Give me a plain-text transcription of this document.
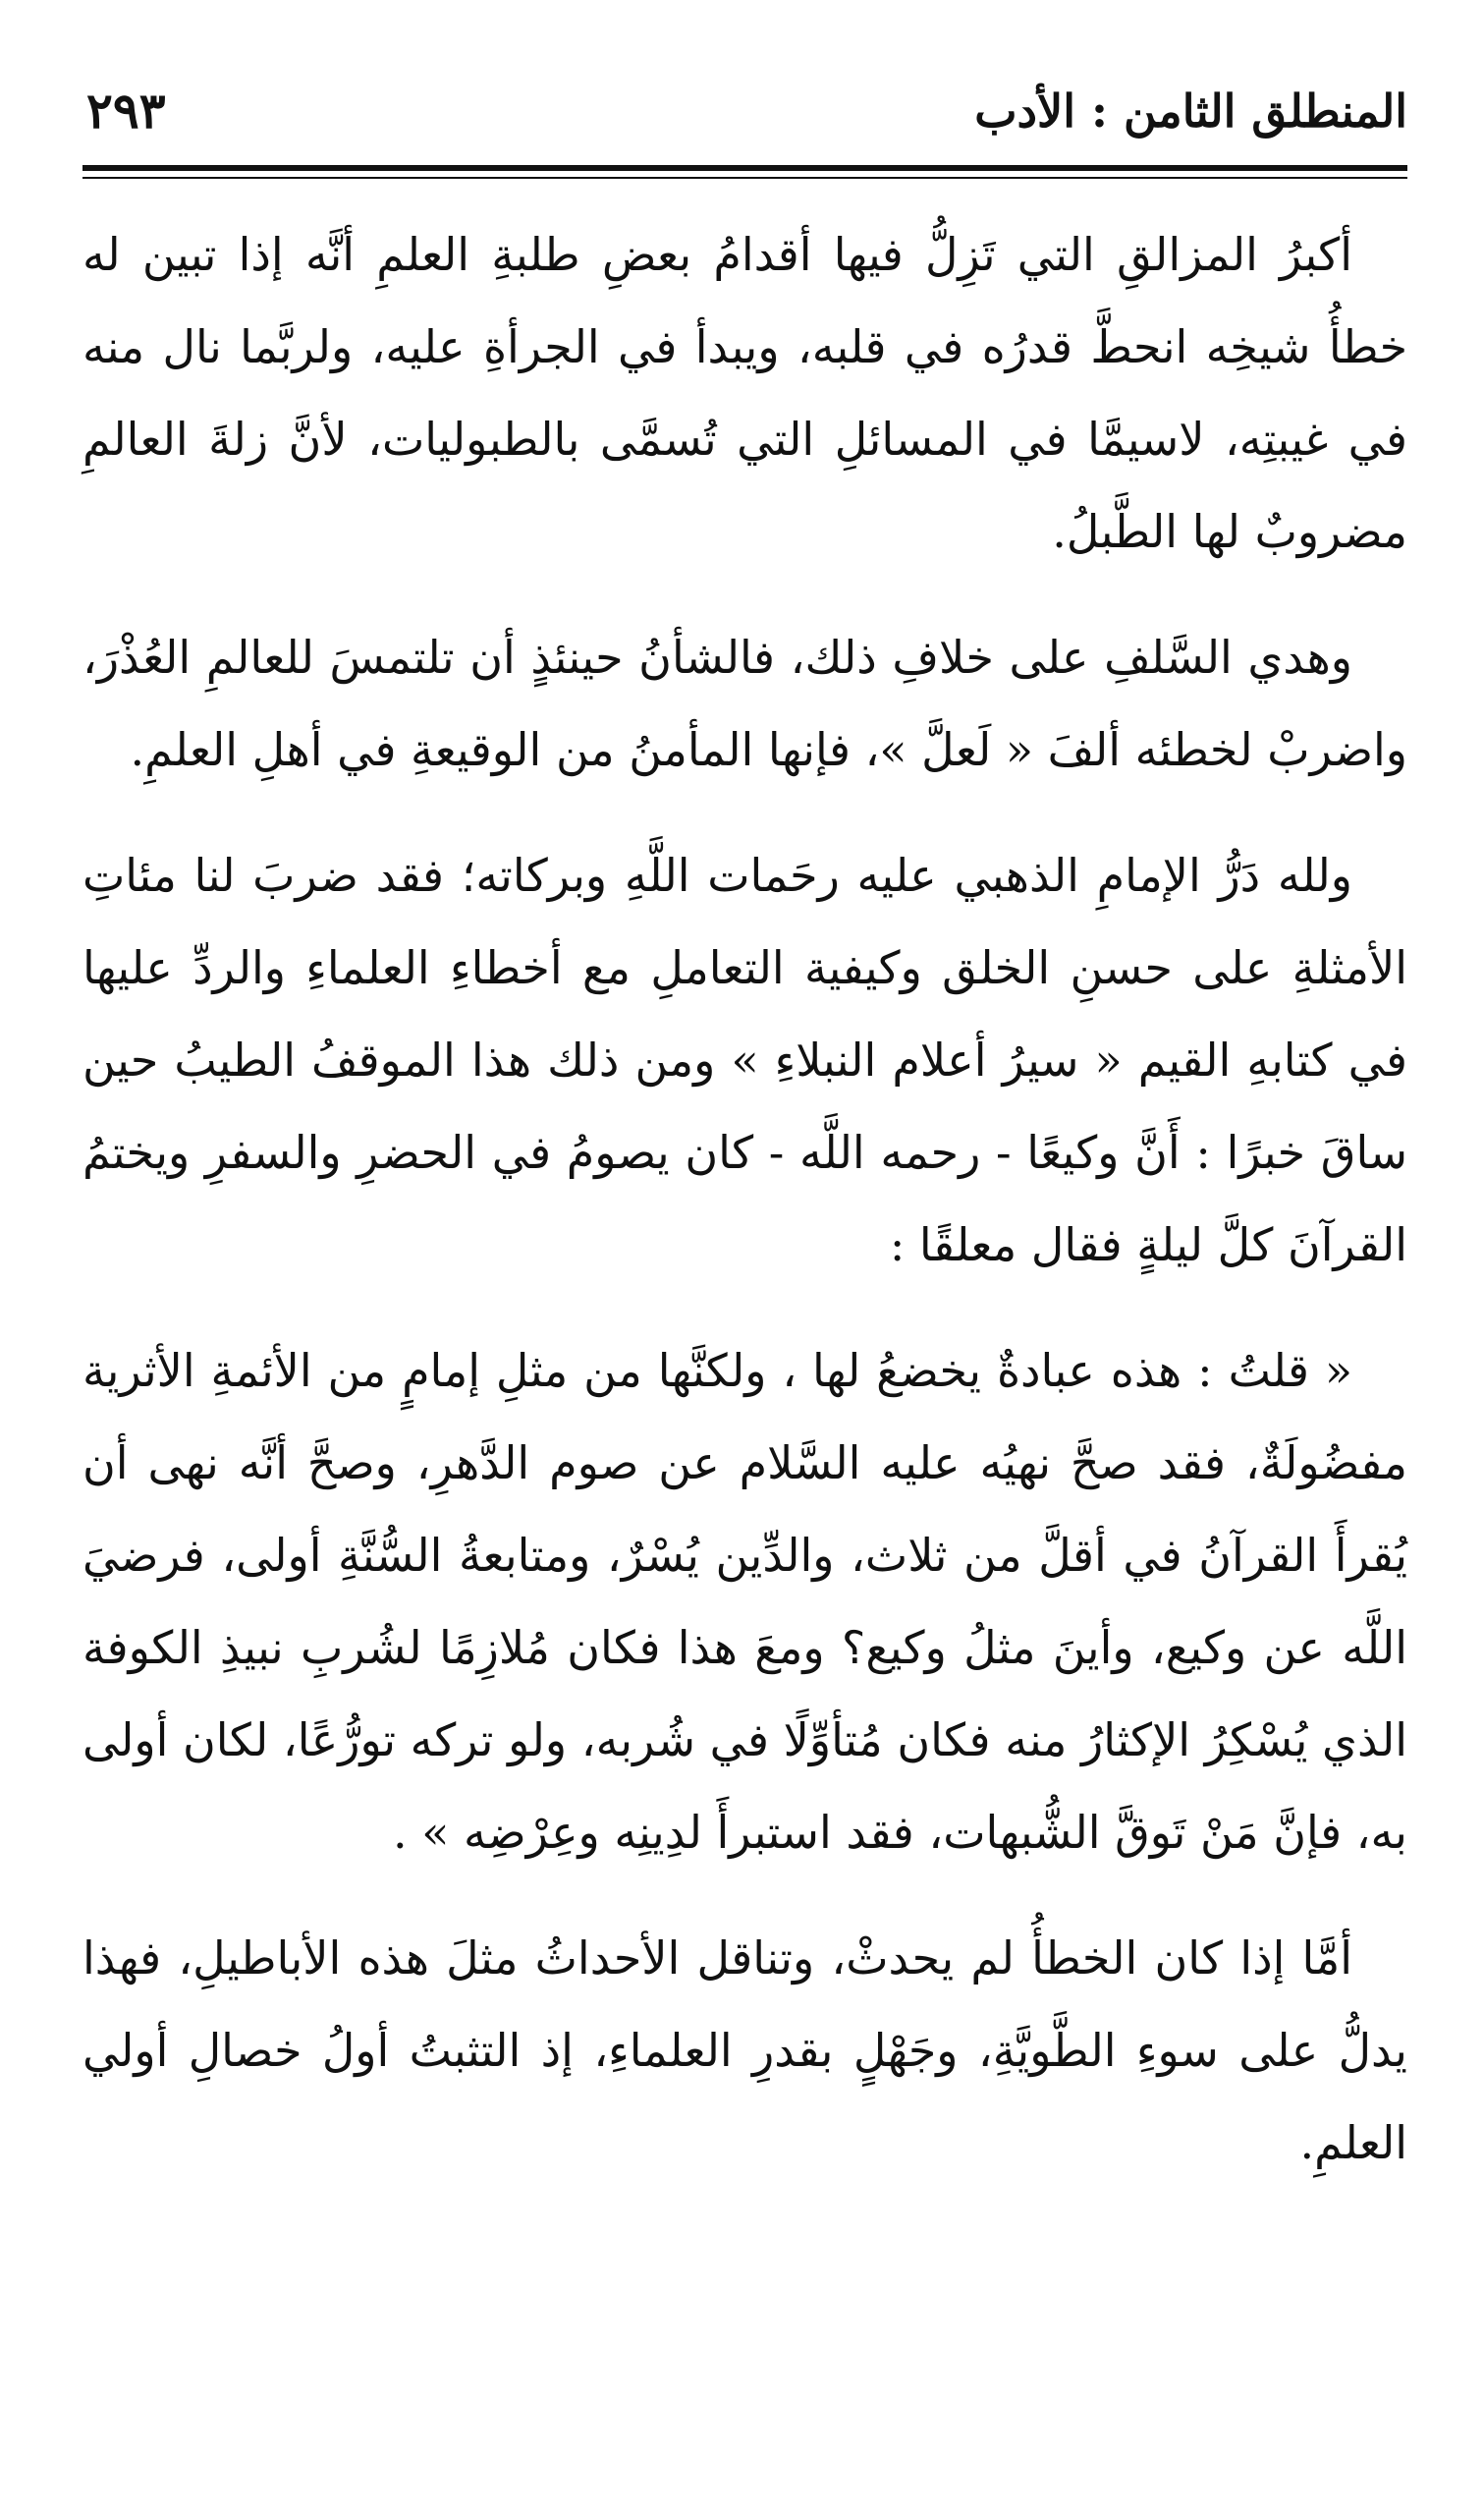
المنطلق الثامن : الأدب
٢٩٣

أكبرُ المزالقِ التي تَزِلُّ فيها أقدامُ بعضِ طلبةِ العلمِ أنَّه إذا تبين له خطأُ شيخِه انحطَّ قدرُه في قلبه، ويبدأ في الجرأةِ عليه، ولربَّما نال منه في غيبتِه، لاسيمَّا في المسائلِ التي تُسمَّى بالطبوليات، لأنَّ زلةَ العالمِ مضروبٌ لها الطَّبلُ.

وهدي السَّلفِ على خلافِ ذلك، فالشأنُ حينئذٍ أن تلتمسَ للعالمِ العُذْرَ، واضربْ لخطئه ألفَ « لَعلَّ »، فإنها المأمنُ من الوقيعةِ في أهلِ العلمِ.

ولله دَرُّ الإمامِ الذهبي عليه رحَمات اللَّهِ وبركاته؛ فقد ضربَ لنا مئاتِ الأمثلةِ على حسنِ الخلق وكيفية التعاملِ مع أخطاءِ العلماءِ والردِّ عليها في كتابهِ القيم « سيرُ أعلام النبلاءِ » ومن ذلك هذا الموقفُ الطيبُ حين ساقَ خبرًا : أَنَّ وكيعًا - رحمه اللَّه - كان يصومُ في الحضرِ والسفرِ ويختمُ القرآنَ كلَّ ليلةٍ فقال معلقًا :

« قلتُ : هذه عبادةٌ يخضعُ لها ، ولكنَّها من مثلِ إمامٍ من الأئمةِ الأثرية مفضُولَةٌ، فقد صحَّ نهيُه عليه السَّلام عن صوم الدَّهرِ، وصحَّ أنَّه نهى أن يُقرأَ القرآنُ في أقلَّ من ثلاث، والدِّين يُسْرٌ، ومتابعةُ السُّنَّةِ أولى، فرضيَ اللَّه عن وكيع، وأينَ مثلُ وكيع؟ ومعَ هذا فكان مُلازِمًا لشُربِ نبيذِ الكوفة الذي يُسْكِرُ الإكثارُ منه فكان مُتأوِّلًا في شُربه، ولو تركه تورُّعًا، لكان أولى به، فإنَّ مَنْ تَوقَّ الشُّبهات، فقد استبرأَ لدِينِه وعِرْضِه » .

أمَّا إذا كان الخطأُ لم يحدثْ، وتناقل الأحداثُ مثلَ هذه الأباطيلِ، فهذا يدلُّ على سوءِ الطَّويَّةِ، وجَهْلٍ بقدرِ العلماءِ، إذ التثبتُ أولُ خصالِ أولي العلمِ.
